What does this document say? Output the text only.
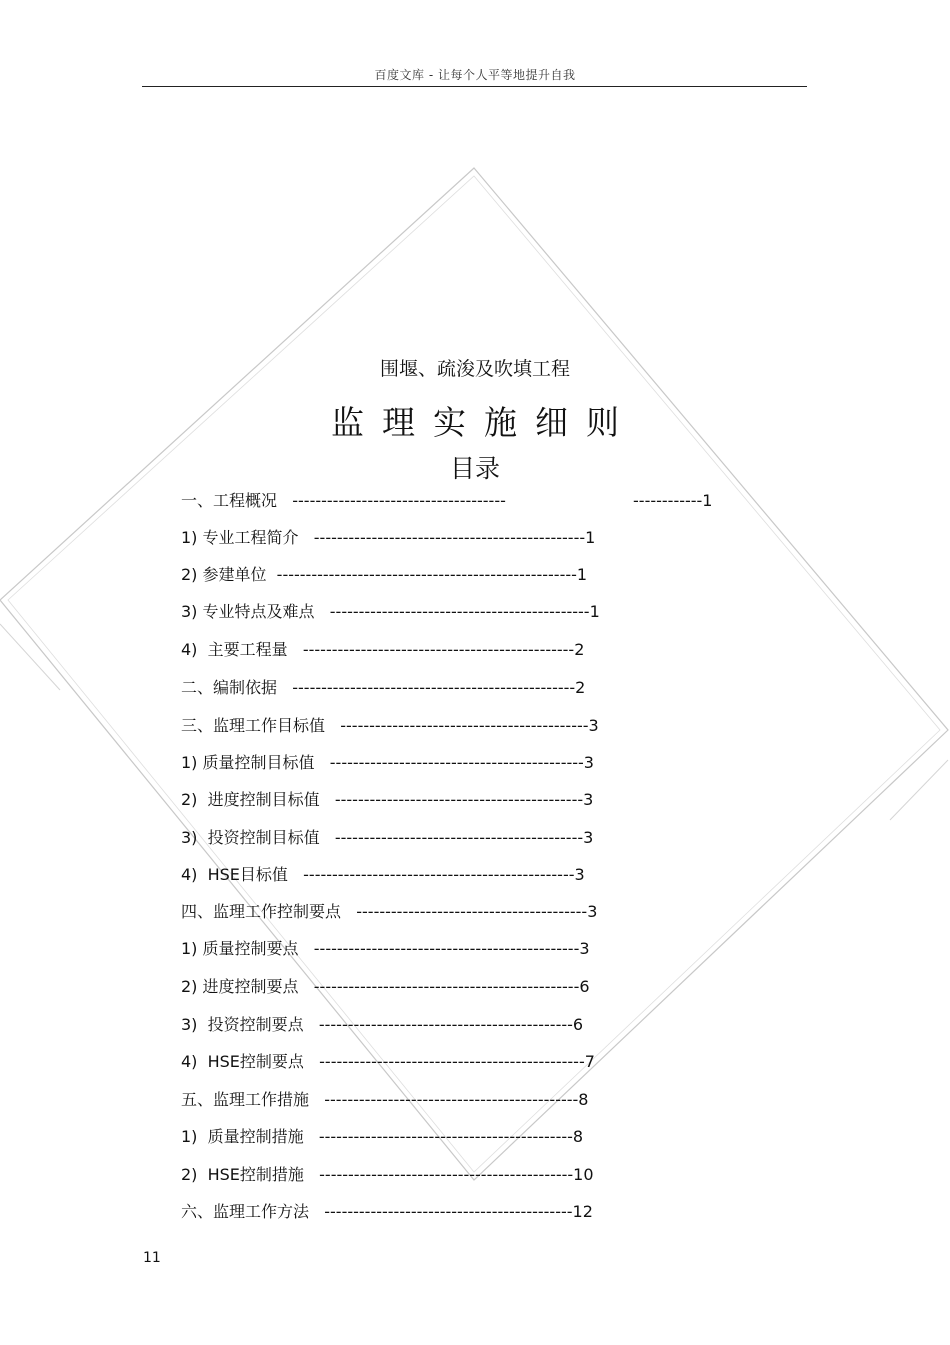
百度文库 - 让每个人平等地提升自我
围堰、疏浚及吹填工程
监理实施细则
目录
一、工程概况   -------------------------------------                         ------------1
1) 专业工程简介   -----------------------------------------------1
2) 参建单位  ----------------------------------------------------1
3) 专业特点及难点   ---------------------------------------------1
4)  主要工程量   -----------------------------------------------2
二、编制依据   -------------------------------------------------2
三、监理工作目标值   -------------------------------------------3
1) 质量控制目标值   --------------------------------------------3
2)  进度控制目标值   -------------------------------------------3
3)  投资控制目标值   -------------------------------------------3
4)  HSE目标值   -----------------------------------------------3
四、监理工作控制要点   ----------------------------------------3
1) 质量控制要点   ----------------------------------------------3
2) 进度控制要点   ----------------------------------------------6
3)  投资控制要点   --------------------------------------------6
4)  HSE控制要点   ----------------------------------------------7
五、监理工作措施   --------------------------------------------8
1)  质量控制措施   --------------------------------------------8
2)  HSE控制措施   --------------------------------------------10
六、监理工作方法   -------------------------------------------12
11
